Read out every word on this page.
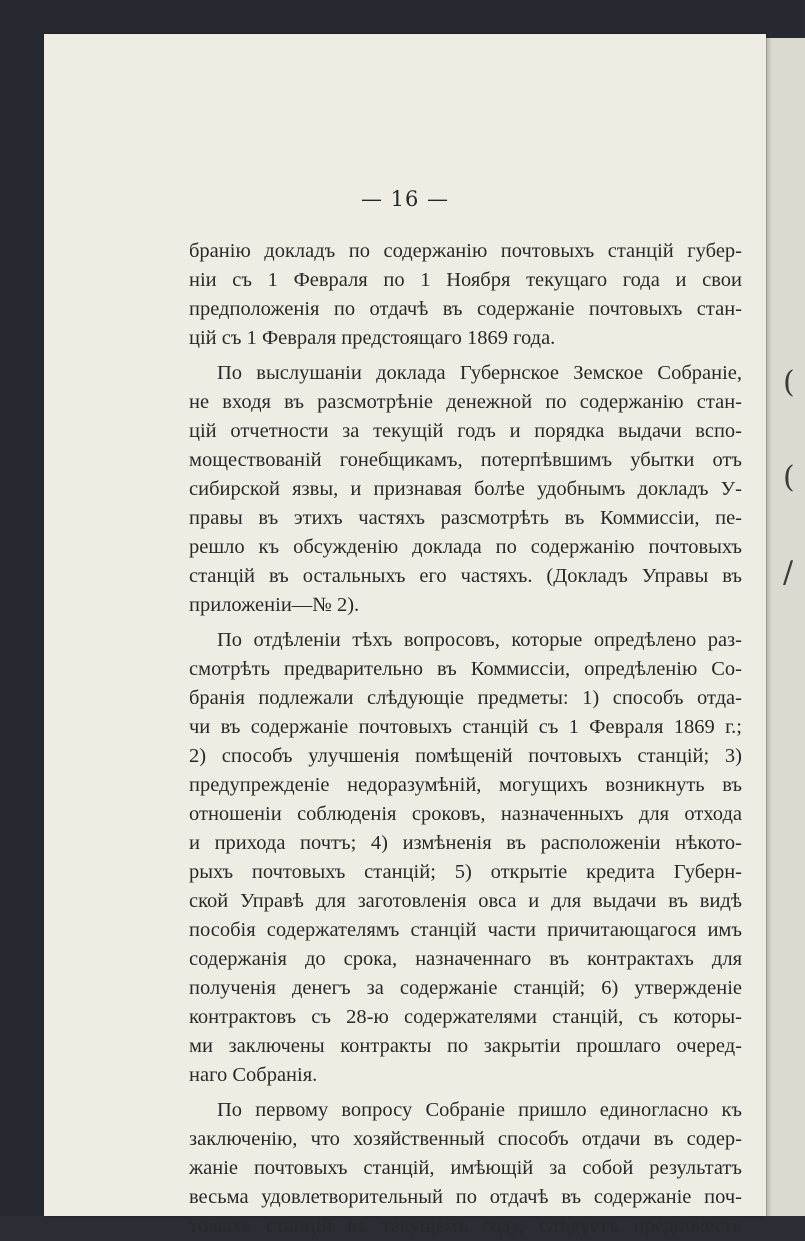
— 16 —
бранію докладъ по содержанію почтовыхъ станцій губер-
ніи съ 1 Февраля по 1 Ноября текущаго года и свои
предположенія по отдачѣ въ содержаніе почтовыхъ стан-
цій съ 1 Февраля предстоящаго 1869 года.
По выслушаніи доклада Губернское Земское Собраніе,
не входя въ разсмотрѣніе денежной по содержанію стан-
цій отчетности за текущій годъ и порядка выдачи вспо-
моществованій гонебщикамъ, потерпѣвшимъ убытки отъ
сибирской язвы, и признавая болѣе удобнымъ докладъ У-
правы въ этихъ частяхъ разсмотрѣть въ Коммиссіи, пе-
решло къ обсужденію доклада по содержанію почтовыхъ
станцій въ остальныхъ его частяхъ. (Докладъ Управы въ
приложеніи—№ 2).
По отдѣленіи тѣхъ вопросовъ, которые опредѣлено раз-
смотрѣть предварительно въ Коммиссіи, опредѣленію Со-
бранія подлежали слѣдующіе предметы: 1) способъ отда-
чи въ содержаніе почтовыхъ станцій съ 1 Февраля 1869 г.;
2) способъ улучшенія помѣщеній почтовыхъ станцій; 3)
предупрежденіе недоразумѣній, могущихъ возникнуть въ
отношеніи соблюденія сроковъ, назначенныхъ для отхода
и прихода почтъ; 4) измѣненія въ расположеніи нѣкото-
рыхъ почтовыхъ станцій; 5) открытіе кредита Губерн-
ской Управѣ для заготовленія овса и для выдачи въ видѣ
пособія содержателямъ станцій части причитающагося имъ
содержанія до срока, назначеннаго въ контрактахъ для
полученія денегъ за содержаніе станцій; 6) утвержденіе
контрактовъ съ 28-ю содержателями станцій, съ которы-
ми заключены контракты по закрытіи прошлаго очеред-
наго Собранія.
По первому вопросу Собраніе пришло единогласно къ
заключенію, что хозяйственный способъ отдачи въ содер-
жаніе почтовыхъ станцій, имѣющій за собой результатъ
весьма удовлетворительный по отдачѣ въ содержаніе поч-
товыхъ станцій въ текущемъ году, слѣдуетъ предпочесть
(
(
/
